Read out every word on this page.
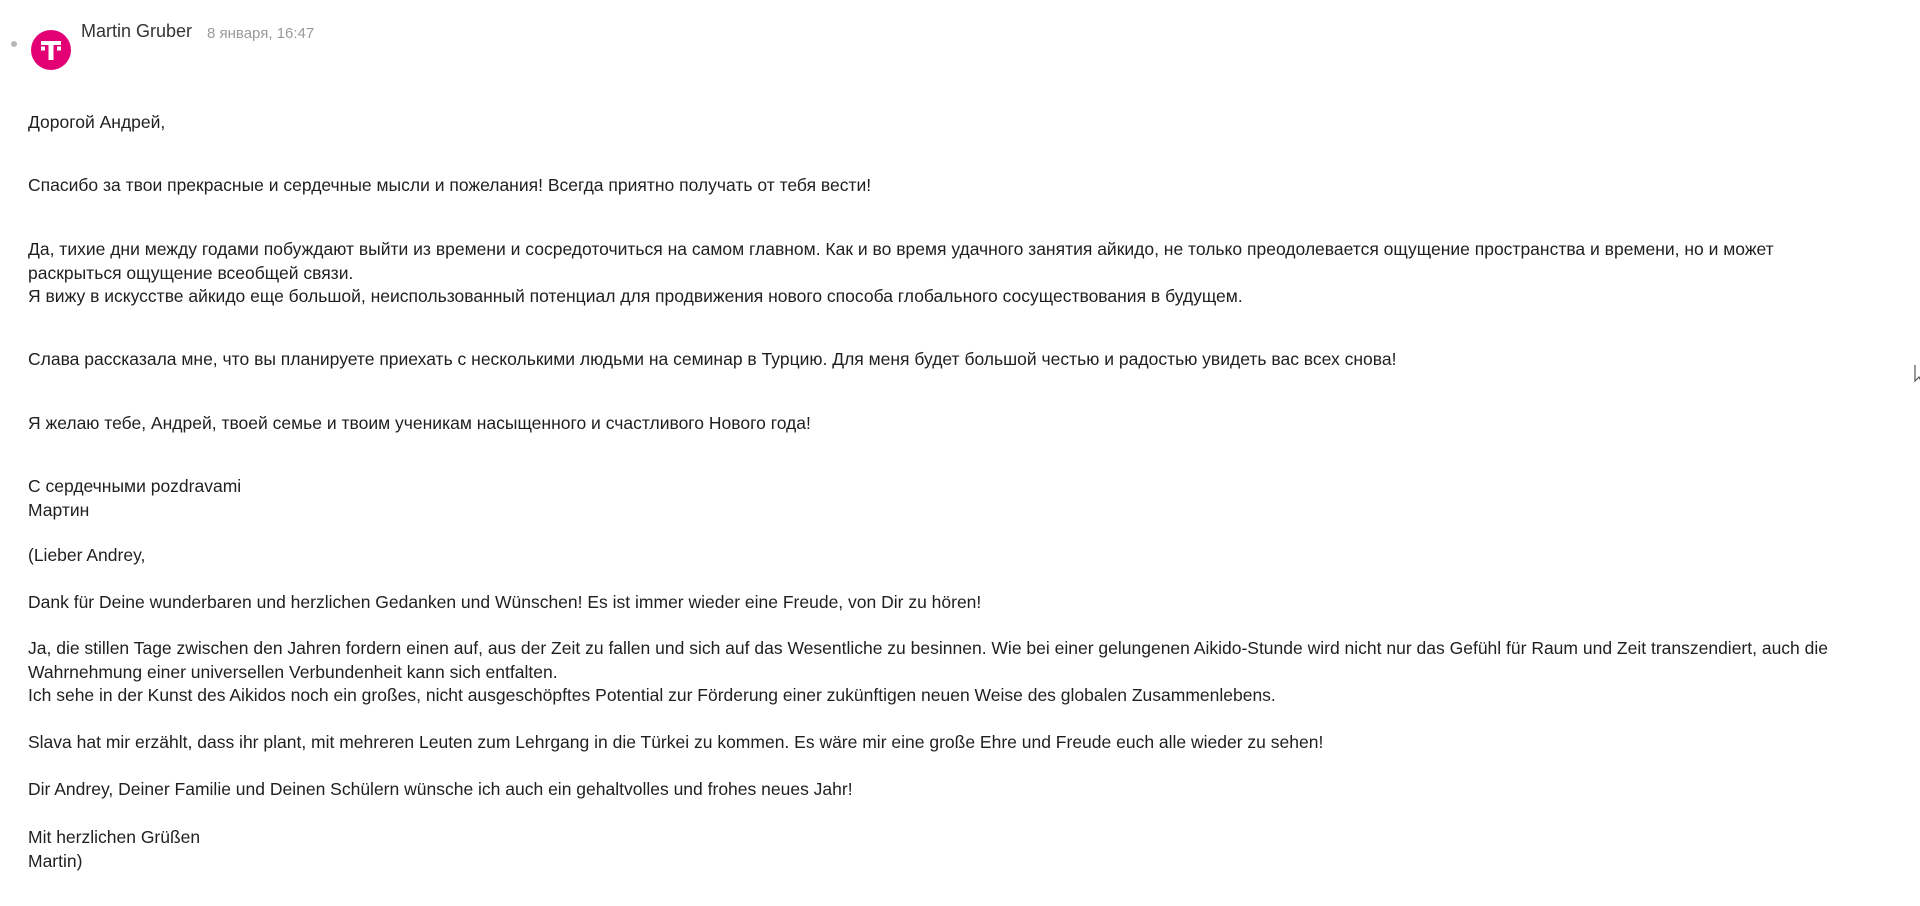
Martin Gruber 8 января, 16:47
Дорогой Андрей,
Спасибо за твои прекрасные и сердечные мысли и пожелания! Всегда приятно получать от тебя вести!
Да, тихие дни между годами побуждают выйти из времени и сосредоточиться на самом главном. Как и во время удачного занятия айкидо, не только преодолевается ощущение пространства и времени, но и может
раскрыться ощущение всеобщей связи.
Я вижу в искусстве айкидо еще большой, неиспользованный потенциал для продвижения нового способа глобального сосуществования в будущем.
Слава рассказала мне, что вы планируете приехать с несколькими людьми на семинар в Турцию. Для меня будет большой честью и радостью увидеть вас всех снова!
Я желаю тебе, Андрей, твоей семье и твоим ученикам насыщенного и счастливого Нового года!
С сердечными pozdravami
Мартин
(Lieber Andrey,
Dank für Deine wunderbaren und herzlichen Gedanken und Wünschen! Es ist immer wieder eine Freude, von Dir zu hören!
Ja, die stillen Tage zwischen den Jahren fordern einen auf, aus der Zeit zu fallen und sich auf das Wesentliche zu besinnen. Wie bei einer gelungenen Aikido-Stunde wird nicht nur das Gefühl für Raum und Zeit transzendiert, auch die
Wahrnehmung einer universellen Verbundenheit kann sich entfalten.
Ich sehe in der Kunst des Aikidos noch ein großes, nicht ausgeschöpftes Potential zur Förderung einer zukünftigen neuen Weise des globalen Zusammenlebens.
Slava hat mir erzählt, dass ihr plant, mit mehreren Leuten zum Lehrgang in die Türkei zu kommen. Es wäre mir eine große Ehre und Freude euch alle wieder zu sehen!
Dir Andrey, Deiner Familie und Deinen Schülern wünsche ich auch ein gehaltvolles und frohes neues Jahr!
Mit herzlichen Grüßen
Martin)
